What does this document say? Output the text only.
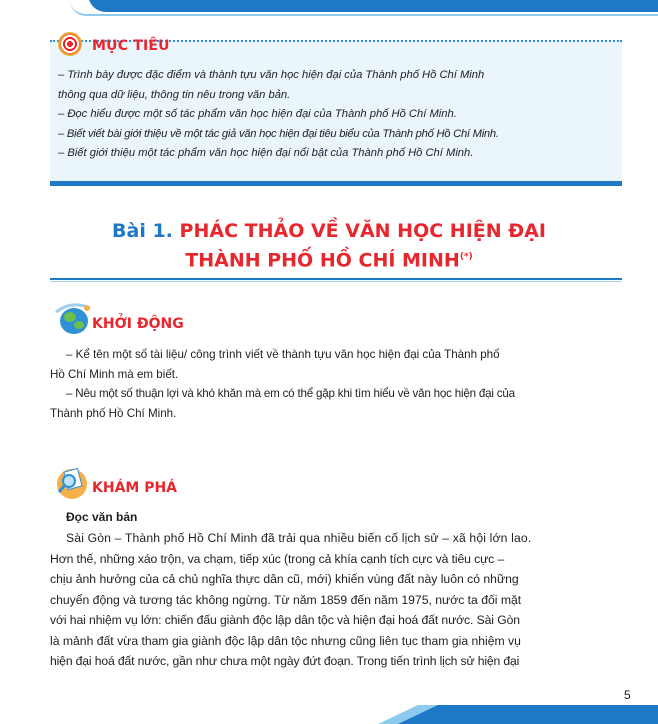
MỤC TIÊU
– Trình bày được đặc điểm và thành tựu văn học hiện đại của Thành phố Hồ Chí Minh
thông qua dữ liệu, thông tin nêu trong văn bản.
– Đọc hiểu được một số tác phẩm văn học hiện đại của Thành phố Hồ Chí Minh.
– Biết viết bài giới thiệu về một tác giả văn học hiện đại tiêu biểu của Thành phố Hồ Chí Minh.
– Biết giới thiệu một tác phẩm văn học hiện đại nổi bật của Thành phố Hồ Chí Minh.
Bài 1. PHÁC THẢO VỀ VĂN HỌC HIỆN ĐẠI
THÀNH PHỐ HỒ CHÍ MINH(*)
KHỞI ĐỘNG
– Kể tên một số tài liệu/ công trình viết về thành tựu văn học hiện đại của Thành phố
Hồ Chí Minh mà em biết.
– Nêu một số thuận lợi và khó khăn mà em có thể gặp khi tìm hiểu về văn học hiện đại của
Thành phố Hồ Chí Minh.
KHÁM PHÁ
Đọc văn bản
Sài Gòn – Thành phố Hồ Chí Minh đã trải qua nhiều biến cố lịch sử – xã hội lớn lao.
Hơn thế, những xáo trộn, va chạm, tiếp xúc (trong cả khía cạnh tích cực và tiêu cực –
chịu ảnh hưởng của cả chủ nghĩa thực dân cũ, mới) khiến vùng đất này luôn có những
chuyển động và tương tác không ngừng. Từ năm 1859 đến năm 1975, nước ta đối mặt
với hai nhiệm vụ lớn: chiến đấu giành độc lập dân tộc và hiện đại hoá đất nước. Sài Gòn
là mảnh đất vừa tham gia giành độc lập dân tộc nhưng cũng liên tục tham gia nhiệm vụ
hiện đại hoá đất nước, gần như chưa một ngày đứt đoạn. Trong tiến trình lịch sử hiện đại
5
